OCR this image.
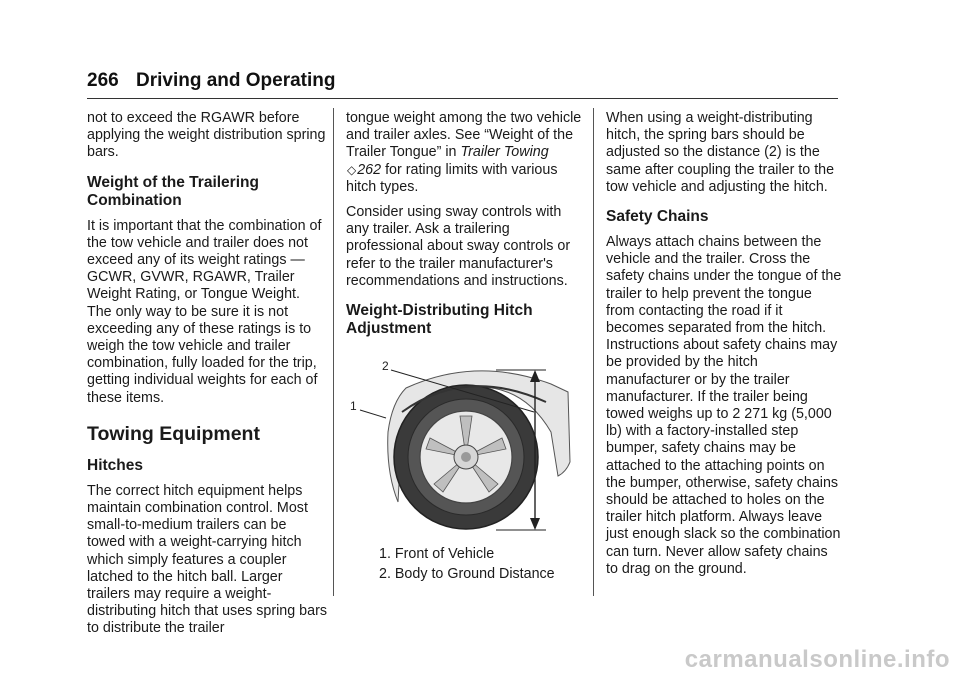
266 Driving and Operating

not to exceed the RGAWR before applying the weight distribution spring bars.

Weight of the Trailering Combination

It is important that the combination of the tow vehicle and trailer does not exceed any of its weight ratings — GCWR, GVWR, RGAWR, Trailer Weight Rating, or Tongue Weight. The only way to be sure it is not exceeding any of these ratings is to weigh the tow vehicle and trailer combination, fully loaded for the trip, getting individual weights for each of these items.

Towing Equipment
Hitches

The correct hitch equipment helps maintain combination control. Most small-to-medium trailers can be towed with a weight-carrying hitch which simply features a coupler latched to the hitch ball. Larger trailers may require a weight-distributing hitch that uses spring bars to distribute the trailer

tongue weight among the two vehicle and trailer axles. See “Weight of the Trailer Tongue” in Trailer Towing ◇262 for rating limits with various hitch types.

Consider using sway controls with any trailer. Ask a trailering professional about sway controls or refer to the trailer manufacturer's recommendations and instructions.

Weight-Distributing Hitch Adjustment
2
1
1. Front of Vehicle
2. Body to Ground Distance

When using a weight-distributing hitch, the spring bars should be adjusted so the distance (2) is the same after coupling the trailer to the tow vehicle and adjusting the hitch.

Safety Chains

Always attach chains between the vehicle and the trailer. Cross the safety chains under the tongue of the trailer to help prevent the tongue from contacting the road if it becomes separated from the hitch. Instructions about safety chains may be provided by the hitch manufacturer or by the trailer manufacturer. If the trailer being towed weighs up to 2 271 kg (5,000 lb) with a factory-installed step bumper, safety chains may be attached to the attaching points on the bumper, otherwise, safety chains should be attached to holes on the trailer hitch platform. Always leave just enough slack so the combination can turn. Never allow safety chains to drag on the ground.

carmanualsonline.info
